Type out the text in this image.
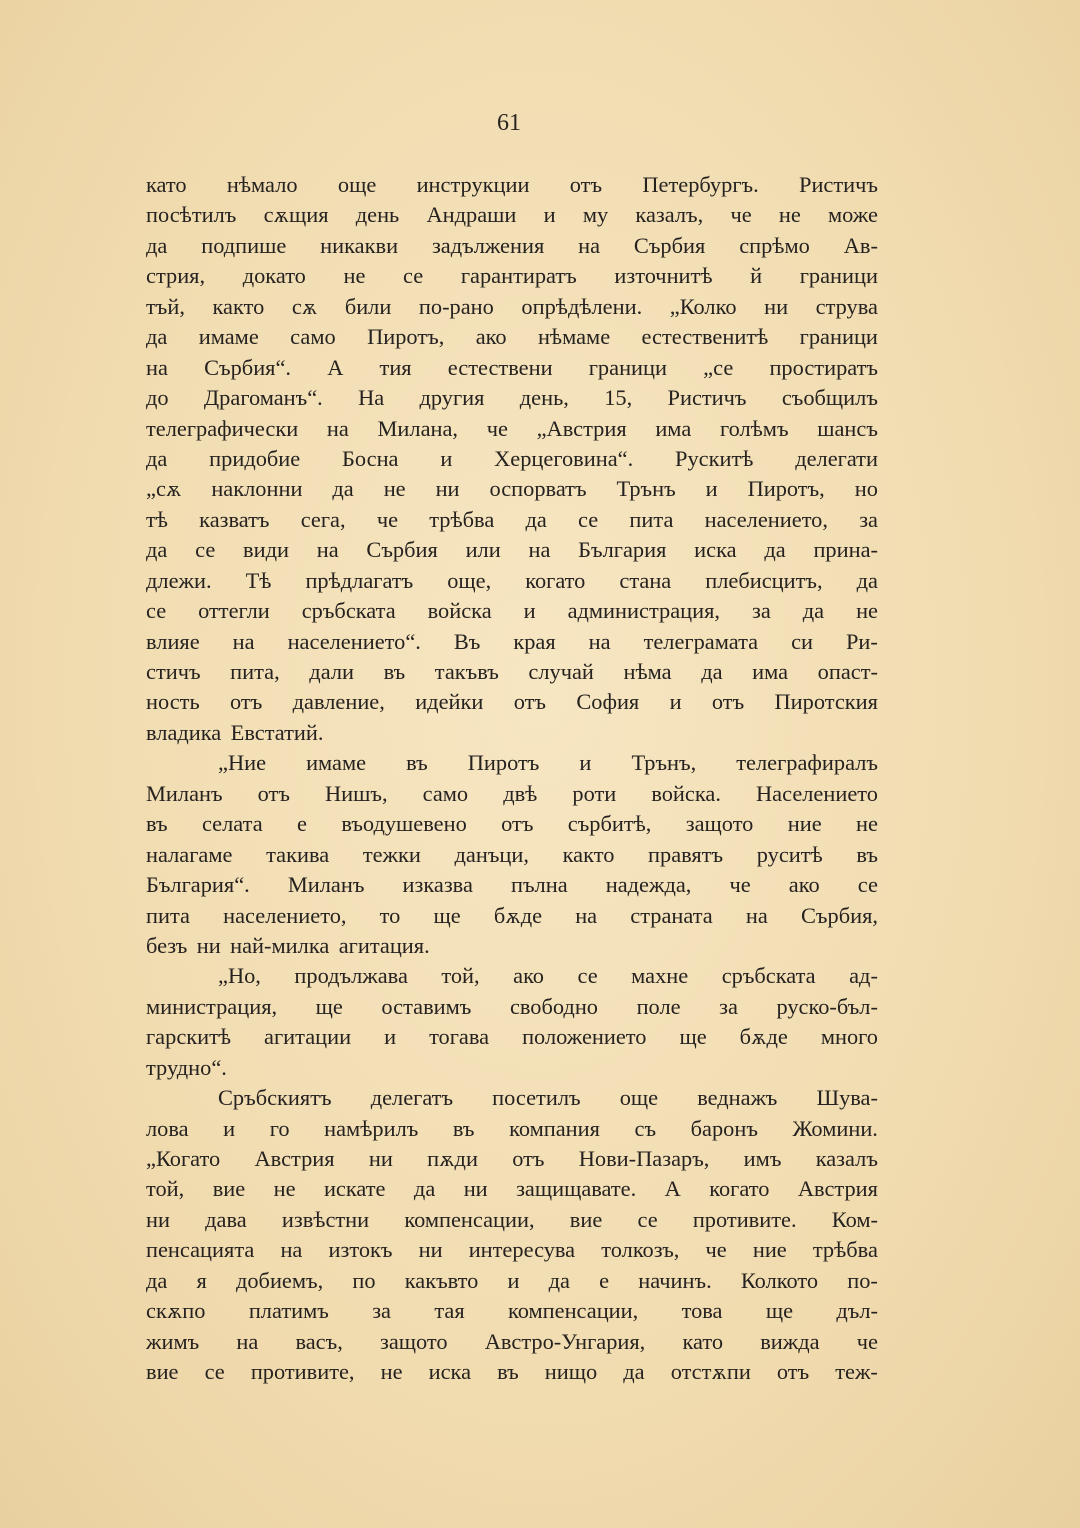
61
като нѣмало още инструкции отъ Петербургъ. Ристичъ
посѣтилъ сѫщия день Андраши и му казалъ, че не може
да подпише никакви задължения на Сърбия спрѣмо Ав-
стрия, докато не се гарантиратъ източнитѣ й граници
тъй, както сѫ били по-рано опрѣдѣлени. „Колко ни струва
да имаме само Пиротъ, ако нѣмаме естественитѣ граници
на Сърбия“. А тия естествени граници „се простиратъ
до Драгоманъ“. На другия день, 15, Ристичъ съобщилъ
телеграфически на Милана, че „Австрия има голѣмъ шансъ
да придобие Босна и Херцеговина“. Рускитѣ делегати
„сѫ наклонни да не ни оспорватъ Трънъ и Пиротъ, но
тѣ казватъ сега, че трѣбва да се пита населението, за
да се види на Сърбия или на България иска да прина-
длежи. Тѣ прѣдлагатъ още, когато стана плебисцитъ, да
се оттегли сръбската войска и администрация, за да не
влияе на населението“. Въ края на телеграмата си Ри-
стичъ пита, дали въ такъвъ случай нѣма да има опаст-
ность отъ давление, идейки отъ София и отъ Пиротския
владика Евстатий.
„Ние имаме въ Пиротъ и Трънъ, телеграфиралъ
Миланъ отъ Нишъ, само двѣ роти войска. Населението
въ селата е въодушевено отъ сърбитѣ, защото ние не
налагаме такива тежки данъци, както правятъ руситѣ въ
България“. Миланъ изказва пълна надежда, че ако се
пита населението, то ще бѫде на страната на Сърбия,
безъ ни най-милка агитация.
„Но, продължава той, ако се махне сръбската ад-
министрация, ще оставимъ свободно поле за руско-бъл-
гарскитѣ агитации и тогава положението ще бѫде много
трудно“.
Сръбскиятъ делегатъ посетилъ още веднажъ Шува-
лова и го намѣрилъ въ компания съ баронъ Жомини.
„Когато Австрия ни пѫди отъ Нови-Пазаръ, имъ казалъ
той, вие не искате да ни защищавате. А когато Австрия
ни дава извѣстни компенсации, вие се противите. Ком-
пенсацията на изтокъ ни интересува толкозъ, че ние трѣбва
да я добиемъ, по какъвто и да е начинъ. Колкото по-
скѫпо платимъ за тая компенсации, това ще дъл-
жимъ на васъ, защото Австро-Унгария, като вижда че
вие се противите, не иска въ нищо да отстѫпи отъ теж-
